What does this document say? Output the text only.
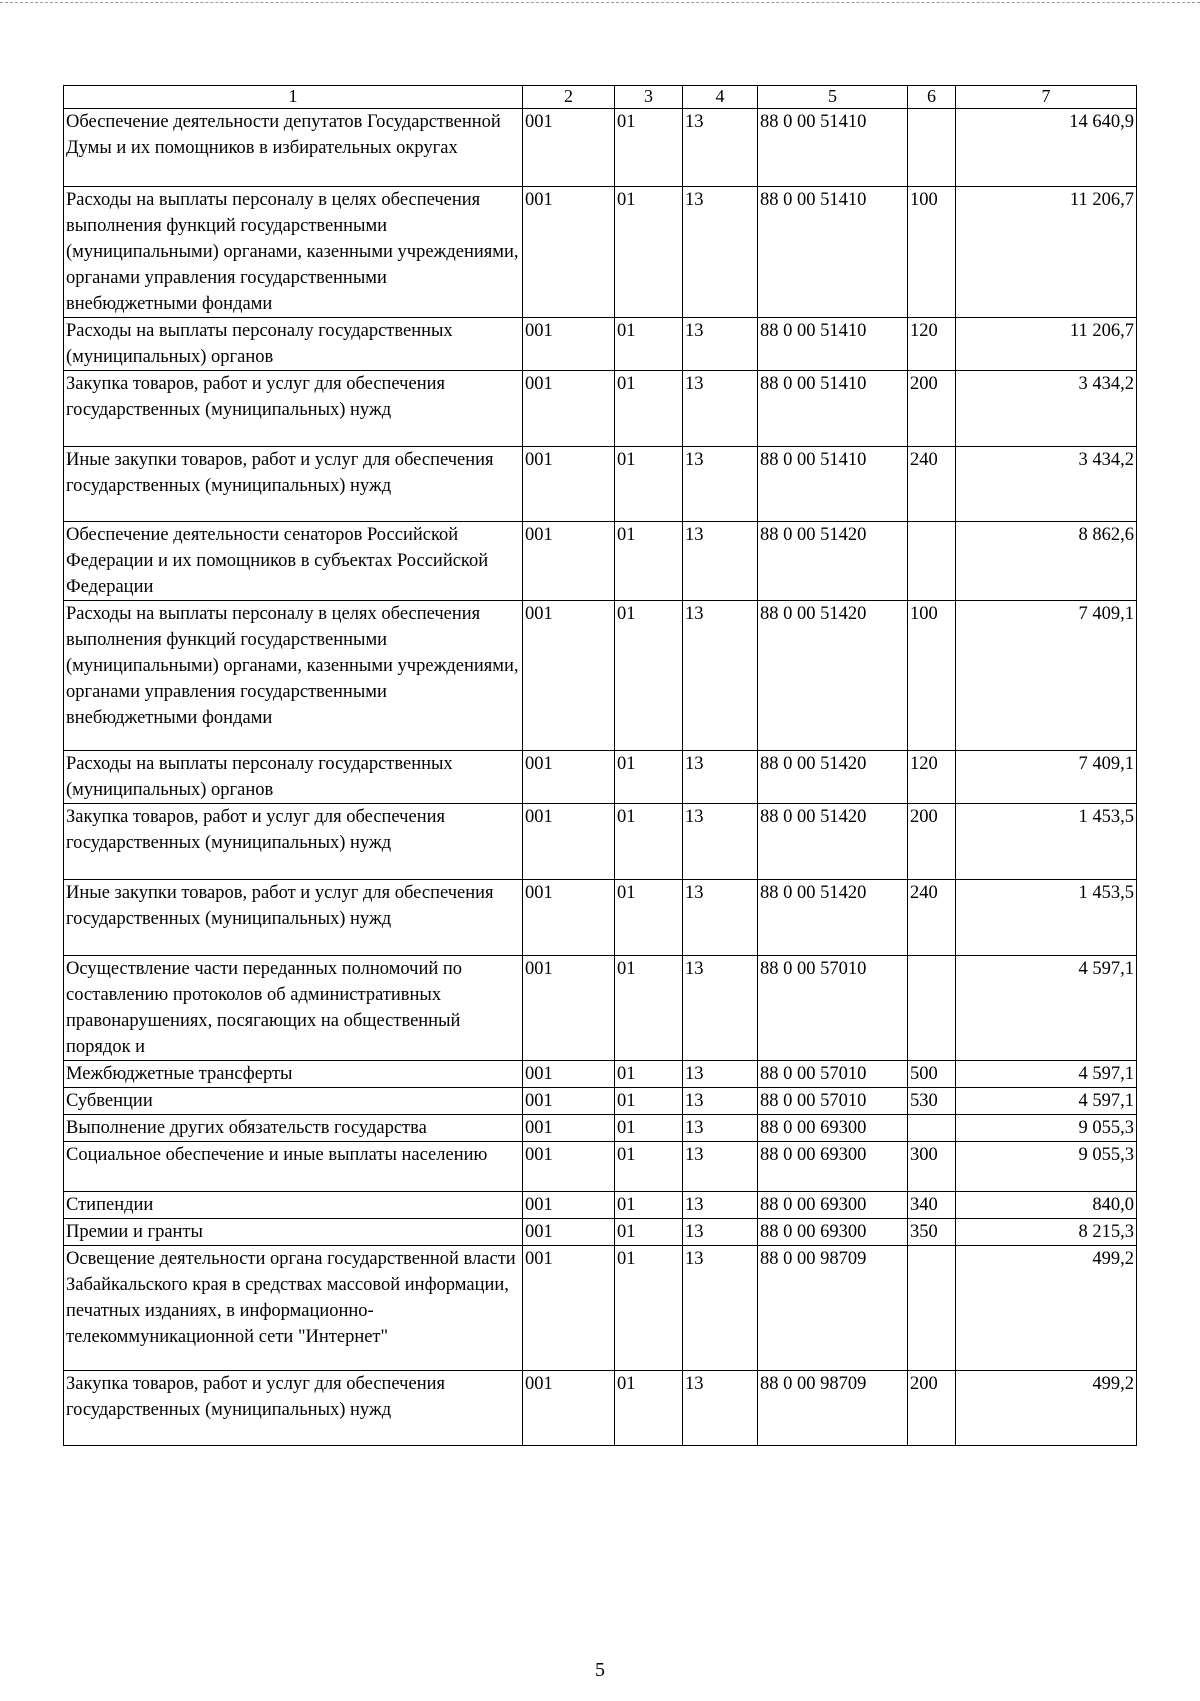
1	2	3	4	5	6	7
Обеспечение деятельности депутатов Государственной Думы и их помощников в избирательных округах	001	01	13	88 0 00 51410		14 640,9
Расходы на выплаты персоналу в целях обеспечения выполнения функций государственными (муниципальными) органами, казенными учреждениями, органами управления государственными внебюджетными фондами	001	01	13	88 0 00 51410	100	11 206,7
Расходы на выплаты персоналу государственных (муниципальных) органов	001	01	13	88 0 00 51410	120	11 206,7
Закупка товаров, работ и услуг для обеспечения государственных (муниципальных) нужд	001	01	13	88 0 00 51410	200	3 434,2
Иные закупки товаров, работ и услуг для обеспечения государственных (муниципальных) нужд	001	01	13	88 0 00 51410	240	3 434,2
Обеспечение деятельности сенаторов Российской Федерации и их помощников в субъектах Российской Федерации	001	01	13	88 0 00 51420		8 862,6
Расходы на выплаты персоналу в целях обеспечения выполнения функций государственными (муниципальными) органами, казенными учреждениями, органами управления государственными внебюджетными фондами	001	01	13	88 0 00 51420	100	7 409,1
Расходы на выплаты персоналу государственных (муниципальных) органов	001	01	13	88 0 00 51420	120	7 409,1
Закупка товаров, работ и услуг для обеспечения государственных (муниципальных) нужд	001	01	13	88 0 00 51420	200	1 453,5
Иные закупки товаров, работ и услуг для обеспечения государственных (муниципальных) нужд	001	01	13	88 0 00 51420	240	1 453,5
Осуществление части переданных полномочий по составлению протоколов об административных правонарушениях, посягающих на общественный порядок и	001	01	13	88 0 00 57010		4 597,1
Межбюджетные трансферты	001	01	13	88 0 00 57010	500	4 597,1
Субвенции	001	01	13	88 0 00 57010	530	4 597,1
Выполнение других обязательств государства	001	01	13	88 0 00 69300		9 055,3
Социальное обеспечение и иные выплаты населению	001	01	13	88 0 00 69300	300	9 055,3
Стипендии	001	01	13	88 0 00 69300	340	840,0
Премии и гранты	001	01	13	88 0 00 69300	350	8 215,3
Освещение деятельности органа государственной власти Забайкальского края в средствах массовой информации, печатных изданиях, в информационно-телекоммуникационной сети "Интернет"	001	01	13	88 0 00 98709		499,2
Закупка товаров, работ и услуг для обеспечения государственных (муниципальных) нужд	001	01	13	88 0 00 98709	200	499,2
5
